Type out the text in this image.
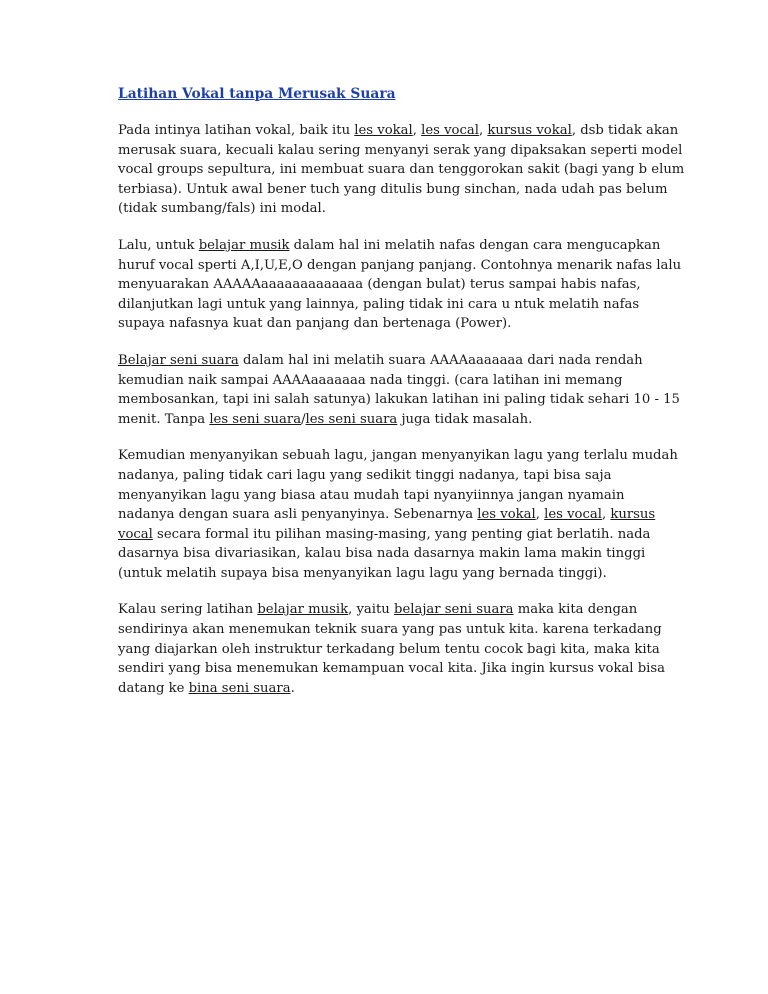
Latihan Vokal tanpa Merusak Suara

Pada intinya latihan vokal, baik itu les vokal, les vocal, kursus vokal, dsb tidak akan
merusak suara, kecuali kalau sering menyanyi serak yang dipaksakan seperti model
vocal groups sepultura, ini membuat suara dan tenggorokan sakit (bagi yang b elum
terbiasa). Untuk awal bener tuch yang ditulis bung sinchan, nada udah pas belum
(tidak sumbang/fals) ini modal.

Lalu, untuk belajar musik dalam hal ini melatih nafas dengan cara mengucapkan
huruf vocal sperti A,I,U,E,O dengan panjang panjang. Contohnya menarik nafas lalu
menyuarakan AAAAAaaaaaaaaaaaaa (dengan bulat) terus sampai habis nafas,
dilanjutkan lagi untuk yang lainnya, paling tidak ini cara u ntuk melatih nafas
supaya nafasnya kuat dan panjang dan bertenaga (Power).

Belajar seni suara dalam hal ini melatih suara AAAAaaaaaaa dari nada rendah
kemudian naik sampai AAAAaaaaaaa nada tinggi. (cara latihan ini memang
membosankan, tapi ini salah satunya) lakukan latihan ini paling tidak sehari 10 - 15
menit. Tanpa les seni suara/les seni suara juga tidak masalah.

Kemudian menyanyikan sebuah lagu, jangan menyanyikan lagu yang terlalu mudah
nadanya, paling tidak cari lagu yang sedikit tinggi nadanya, tapi bisa saja
menyanyikan lagu yang biasa atau mudah tapi nyanyiinnya jangan nyamain
nadanya dengan suara asli penyanyinya. Sebenarnya les vokal, les vocal, kursus
vocal secara formal itu pilihan masing-masing, yang penting giat berlatih. nada
dasarnya bisa divariasikan, kalau bisa nada dasarnya makin lama makin tinggi
(untuk melatih supaya bisa menyanyikan lagu lagu yang bernada tinggi).

Kalau sering latihan belajar musik, yaitu belajar seni suara maka kita dengan
sendirinya akan menemukan teknik suara yang pas untuk kita. karena terkadang
yang diajarkan oleh instruktur terkadang belum tentu cocok bagi kita, maka kita
sendiri yang bisa menemukan kemampuan vocal kita. Jika ingin kursus vokal bisa
datang ke bina seni suara.
